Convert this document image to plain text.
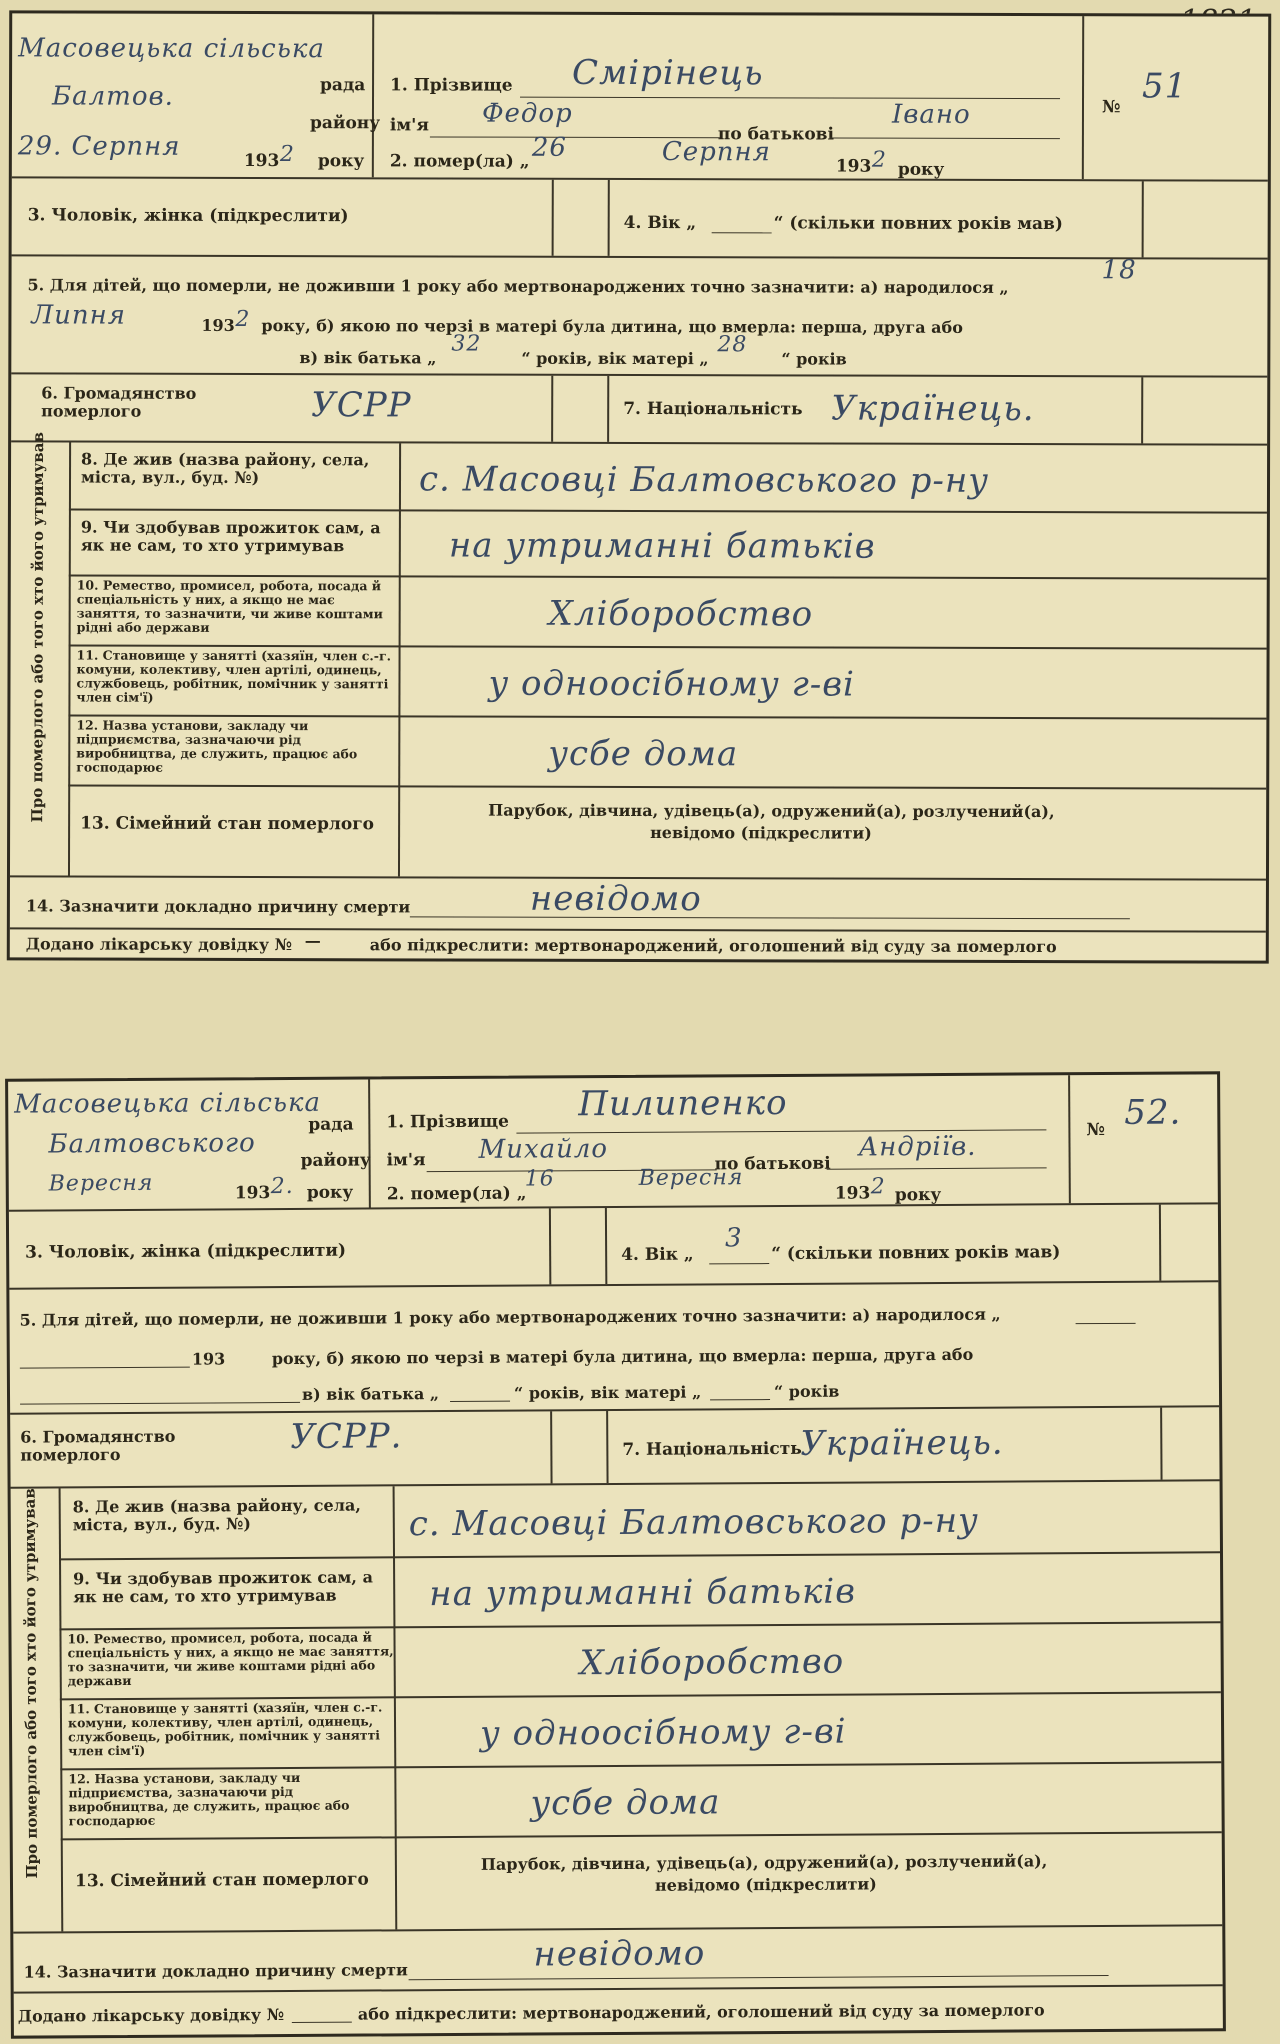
Масовецька сільська
рада
Балтов.
району
29. Серпня	193 2 року
1. Прізвище Смірінець
ім'я Федор
по батькові
Івано
2. помер(ла) „ 26	Серпня	193 2 року
№
51
3. Чоловік, жінка (підкреслити)	4. Вік „	“ (скільки повних років мав)
5. Для дітей, що померли, не доживши 1 року або мертвонароджених точно зазначити: а) народилося „
18
Липня	193 2 року, б) якою по черзі в матері була дитина, що вмерла: перша, друга або
в) вік батька „
32
“ років, вік матері „
28
“ років
6. Громадянство
померлого	УСРР	7. Національність Українець.
Про померлого або того хто його утримував 8. Де жив (назва району, села, міста, вул., буд. №)	с. Масовці Балтовського р-ну
9. Чи здобував прожиток сам, а як не сам, то хто утримував	на утриманні батьків
10. Ремество, промисел, робота, посада й спеціальність у них, а якщо не має заняття, то зазначити, чи живе коштами рідні або держави	Хліборобство
11. Становище у занятті (хазяїн, член с.-г. комуни, колективу, член артілі, одинець, службовець, робітник, помічник у занятті член сім'ї)	у одноосібному г-ві
12. Назва установи, закладу чи підприємства, зазначаючи рід виробництва, де служить, працює або господарює	усбе дома
13. Сімейний стан померлого
Парубок, дівчина, удівець(а), одружений(а), розлучений(а),
невідомо (підкреслити)
14. Зазначити докладно причину смерти	невідомо
Додано лікарську довідку № —	або підкреслити: мертвонароджений, оголошений від суду за померлого
Масовецька сільська
рада
Балтовського
району
Вересня	193 2. року
1. Прізвище Пилипенко
ім'я Михайло	по батькові
Андріїв.
2. помер(ла) „
16	Вересня
193 2 року
№ 52.
3. Чоловік, жінка (підкреслити)	4. Вік „
3 “ (скільки повних років мав)
5. Для дітей, що померли, не доживши 1 року або мертвонароджених точно зазначити: а) народилося „
193	року, б) якою по черзі в матері була дитина, що вмерла: перша, друга або
в) вік батька „	“ років, вік матері „	“ років
6. Громадянство
померлого	УСРР.	7. Національність
Українець.
Про померлого або того хто його утримував 8. Де жив (назва району, села, міста, вул., буд. №)	с. Масовці Балтовського р-ну
9. Чи здобував прожиток сам, а як не сам, то хто утримував	на утриманні батьків
10. Ремество, промисел, робота, посада й спеціальність у них, а якщо не має заняття, то зазначити, чи живе коштами рідні або держави	Хліборобство
11. Становище у занятті (хазяїн, член с.-г. комуни, колективу, член артілі, одинець, службовець, робітник, помічник у занятті член сім'ї)	у одноосібному г-ві
12. Назва установи, закладу чи підприємства, зазначаючи рід виробництва, де служить, працює або господарює	усбе дома
13. Сімейний стан померлого
Парубок, дівчина, удівець(а), одружений(а), розлучений(а),
невідомо (підкреслити)
14. Зазначити докладно причину смерти	невідомо
Додано лікарську довідку №	або підкреслити: мертвонароджений, оголошений від суду за померлого
